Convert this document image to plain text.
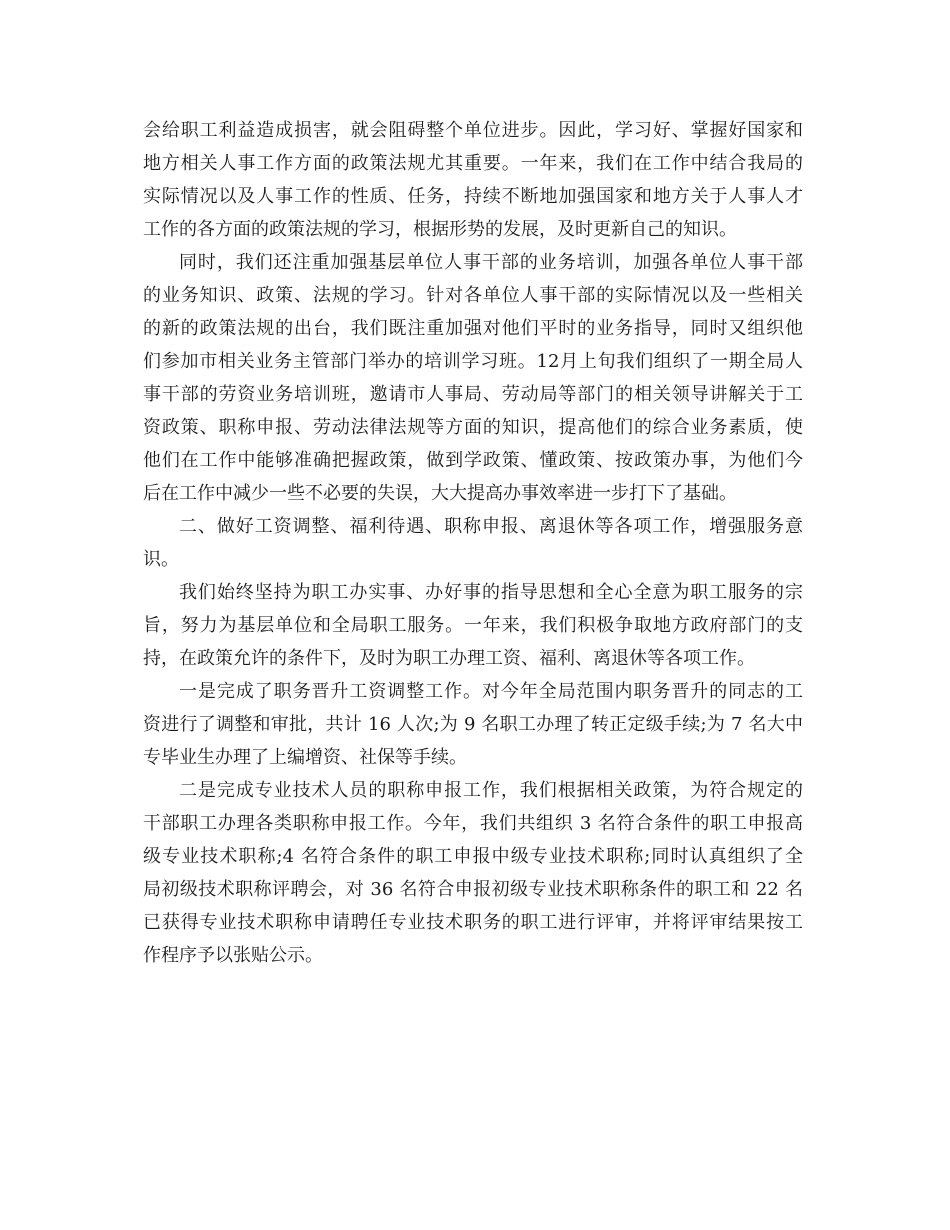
会给职工利益造成损害，就会阻碍整个单位进步。因此，学习好、掌握好国家和
地方相关人事工作方面的政策法规尤其重要。一年来，我们在工作中结合我局的
实际情况以及人事工作的性质、任务，持续不断地加强国家和地方关于人事人才
工作的各方面的政策法规的学习，根据形势的发展，及时更新自己的知识。
同时，我们还注重加强基层单位人事干部的业务培训，加强各单位人事干部
的业务知识、政策、法规的学习。针对各单位人事干部的实际情况以及一些相关
的新的政策法规的出台，我们既注重加强对他们平时的业务指导，同时又组织他
们参加市相关业务主管部门举办的培训学习班。12月上旬我们组织了一期全局人
事干部的劳资业务培训班，邀请市人事局、劳动局等部门的相关领导讲解关于工
资政策、职称申报、劳动法律法规等方面的知识，提高他们的综合业务素质，使
他们在工作中能够准确把握政策，做到学政策、懂政策、按政策办事，为他们今
后在工作中减少一些不必要的失误，大大提高办事效率进一步打下了基础。
二、做好工资调整、福利待遇、职称申报、离退休等各项工作，增强服务意
识。
我们始终坚持为职工办实事、办好事的指导思想和全心全意为职工服务的宗
旨，努力为基层单位和全局职工服务。一年来，我们积极争取地方政府部门的支
持，在政策允许的条件下，及时为职工办理工资、福利、离退休等各项工作。
一是完成了职务晋升工资调整工作。对今年全局范围内职务晋升的同志的工
资进行了调整和审批，共计 16 人次;为 9 名职工办理了转正定级手续;为 7 名大中
专毕业生办理了上编增资、社保等手续。
二是完成专业技术人员的职称申报工作，我们根据相关政策，为符合规定的
干部职工办理各类职称申报工作。今年，我们共组织 3 名符合条件的职工申报高
级专业技术职称;4 名符合条件的职工申报中级专业技术职称;同时认真组织了全
局初级技术职称评聘会，对 36 名符合申报初级专业技术职称条件的职工和 22 名
已获得专业技术职称申请聘任专业技术职务的职工进行评审，并将评审结果按工
作程序予以张贴公示。
